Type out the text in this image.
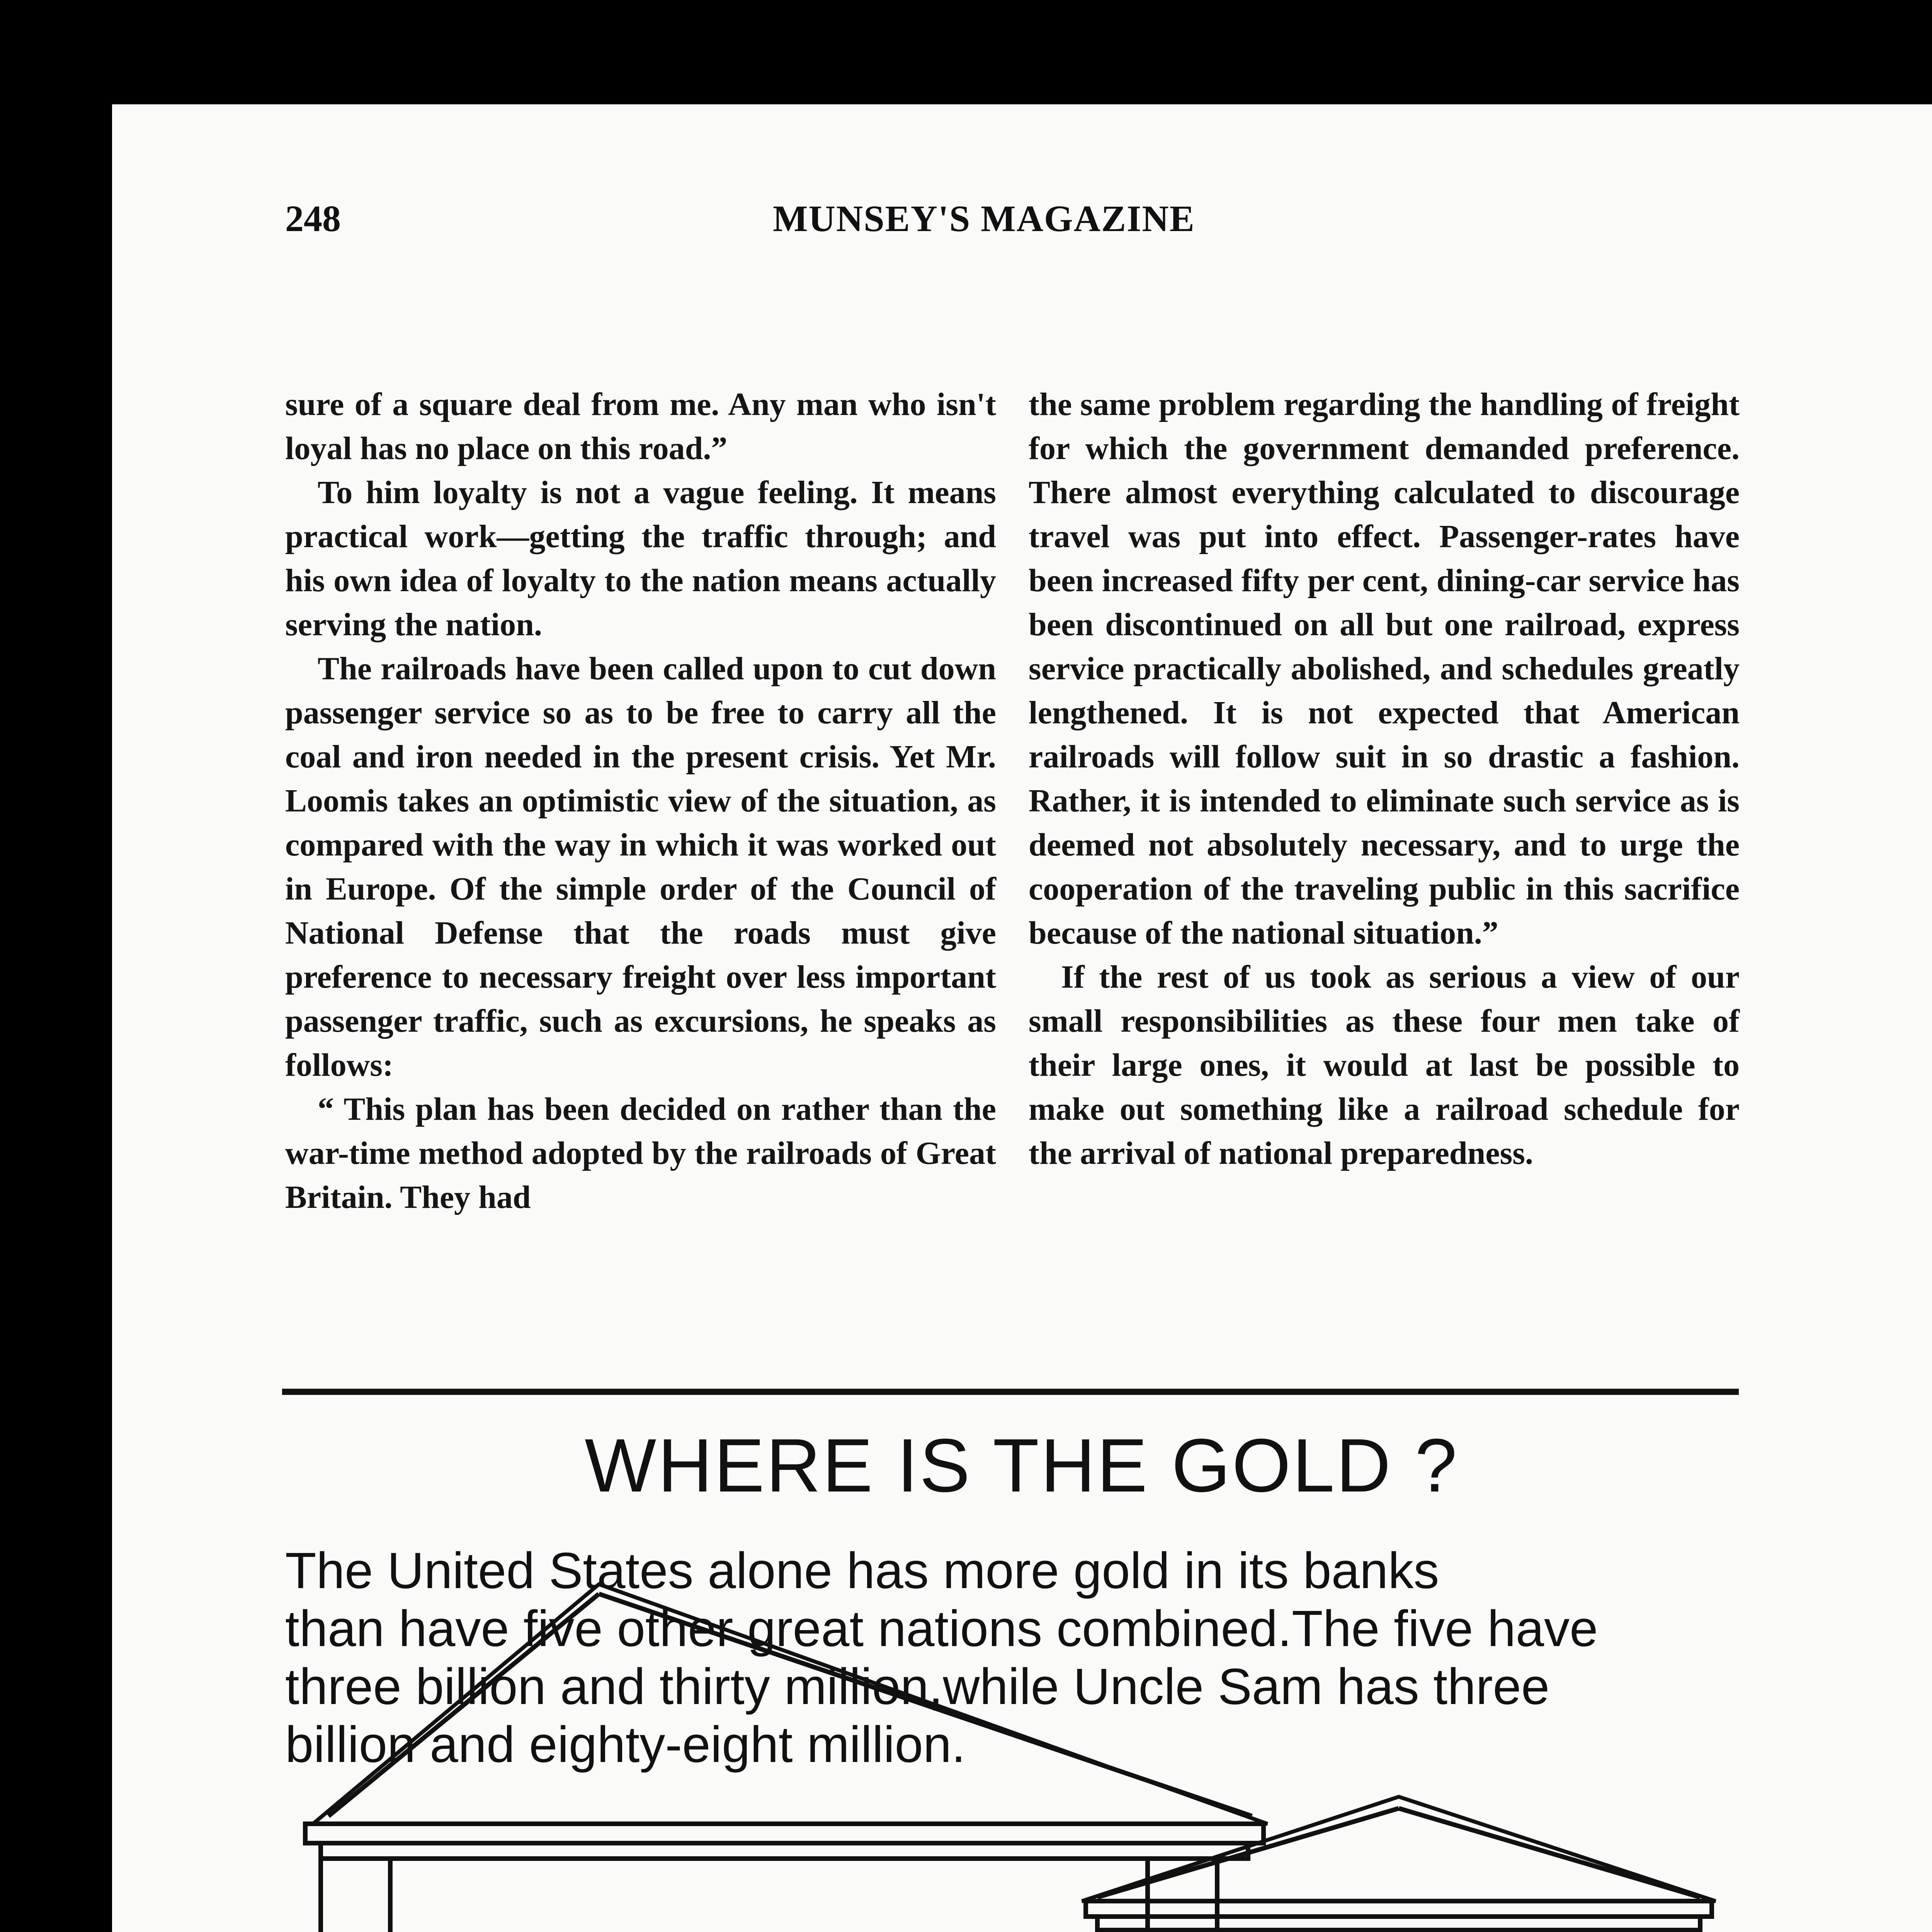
248	MUNSEY'S MAGAZINE

sure of a square deal from me. Any man who isn't loyal has no place on this road.”

To him loyalty is not a vague feeling. It means practical work—getting the traffic through; and his own idea of loyalty to the nation means actually serving the nation.

The railroads have been called upon to cut down passenger service so as to be free to carry all the coal and iron needed in the present crisis. Yet Mr. Loomis takes an optimistic view of the situation, as compared with the way in which it was worked out in Europe. Of the simple order of the Council of National Defense that the roads must give preference to necessary freight over less important passenger traffic, such as excursions, he speaks as follows:

“ This plan has been decided on rather than the war-time method adopted by the railroads of Great Britain. They had

the same problem regarding the handling of freight for which the government demanded preference. There almost everything calculated to discourage travel was put into effect. Passenger-rates have been increased fifty per cent, dining-car service has been discontinued on all but one railroad, express service practically abolished, and schedules greatly lengthened. It is not expected that American railroads will follow suit in so drastic a fashion. Rather, it is intended to eliminate such service as is deemed not absolutely necessary, and to urge the cooperation of the traveling public in this sacrifice because of the national situation.”

If the rest of us took as serious a view of our small responsibilities as these four men take of their large ones, it would at last be possible to make out something like a railroad schedule for the arrival of national preparedness.

WHERE IS THE GOLD ?
The United States alone has more gold in its banks
than have five other great nations combined.The five have
three billion and thirty million,while Uncle Sam has three
billion and eighty-eight million.
